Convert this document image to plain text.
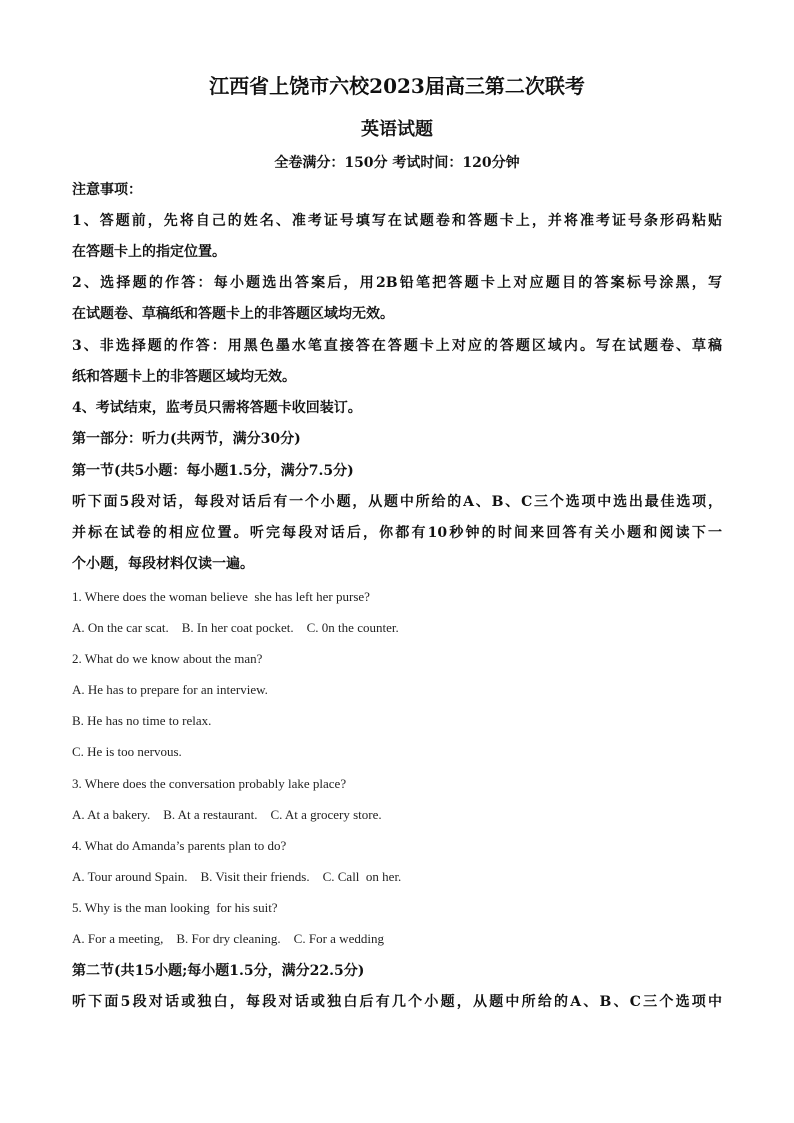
江西省上饶市六校2023届高三第二次联考
英语试题
全卷满分：150分 考试时间：120分钟
注意事项：
1、答题前，先将自己的姓名、准考证号填写在试题卷和答题卡上，并将准考证号条形码粘贴
在答题卡上的指定位置。
2、选择题的作答：每小题选出答案后，用2B铅笔把答题卡上对应题目的答案标号涂黑，写
在试题卷、草稿纸和答题卡上的非答题区域均无效。
3、非选择题的作答：用黑色墨水笔直接答在答题卡上对应的答题区域内。写在试题卷、草稿
纸和答题卡上的非答题区域均无效。
4、考试结束，监考员只需将答题卡收回装订。
第一部分：听力(共两节，满分30分)
第一节(共5小题：每小题1.5分，满分7.5分)
听下面5段对话，每段对话后有一个小题，从题中所给的A、B、C三个选项中选出最佳选项，
并标在试卷的相应位置。听完每段对话后，你都有10秒钟的时间来回答有关小题和阅读下一
个小题，每段材料仅读一遍。
1. Where does the woman believe  she has left her purse?
A. On the car scat.    B. In her coat pocket.    C. 0n the counter.
2. What do we know about the man?
A. He has to prepare for an interview.
B. He has no time to relax.
C. He is too nervous.
3. Where does the conversation probably lake place?
A. At a bakery.    B. At a restaurant.    C. At a grocery store.
4. What do Amanda’s parents plan to do?
A. Tour around Spain.    B. Visit their friends.    C. Call  on her.
5. Why is the man looking  for his suit?
A. For a meeting,    B. For dry cleaning.    C. For a wedding
第二节(共15小题;每小题1.5分，满分22.5分)
听下面5段对话或独白，每段对话或独白后有几个小题，从题中所给的A、B、C三个选项中
